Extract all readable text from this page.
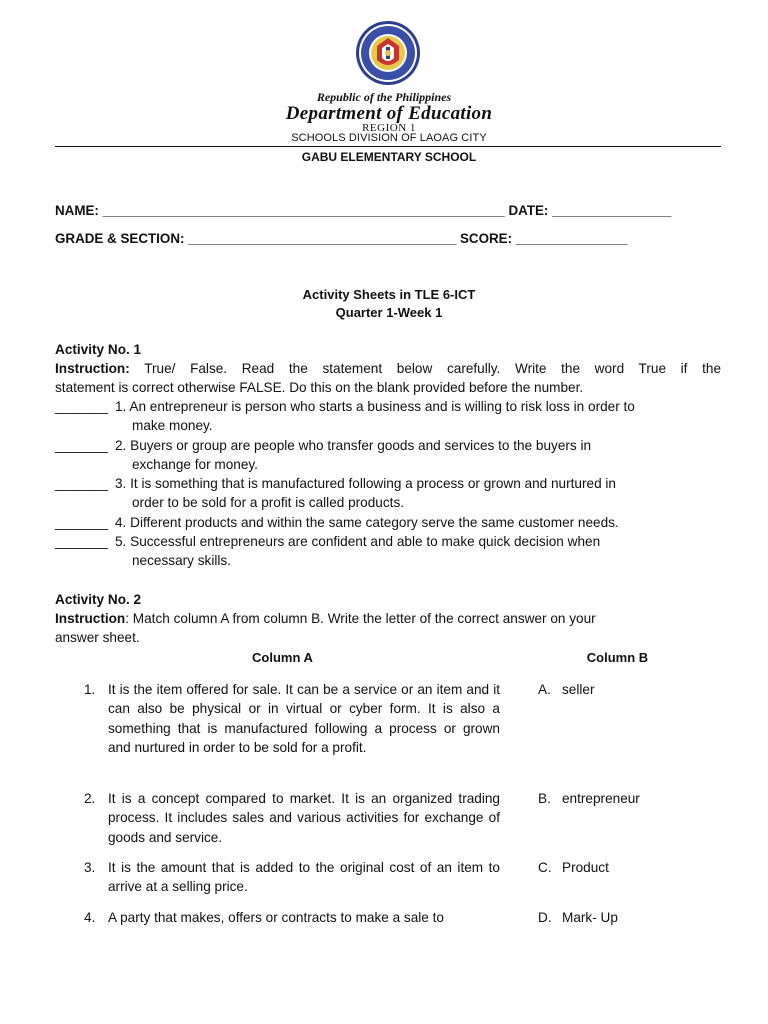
Republic of the Philippines
Department of Education
REGION 1
SCHOOLS DIVISION OF LAOAG CITY
GABU ELEMENTARY SCHOOL
NAME: ______________________________________________________ DATE: ________________
GRADE & SECTION: ____________________________________ SCORE: _______________
Activity Sheets in TLE 6-ICT
Quarter 1-Week 1
Activity No. 1
Instruction: True/ False. Read the statement below carefully. Write the word True if the
statement is correct otherwise FALSE. Do this on the blank provided before the number.
_______ 1. An entrepreneur is person who starts a business and is willing to risk loss in order to
make money.
_______ 2. Buyers or group are people who transfer goods and services to the buyers in
exchange for money.
_______ 3. It is something that is manufactured following a process or grown and nurtured in
order to be sold for a profit is called products.
_______ 4. Different products and within the same category serve the same customer needs.
_______ 5. Successful entrepreneurs are confident and able to make quick decision when
necessary skills.
Activity No. 2
Instruction: Match column A from column B. Write the letter of the correct answer on your
answer sheet.
Column A	Column B
1. It is the item offered for sale. It can be a service or an item and it can also be physical or in virtual or cyber form. It is also a something that is manufactured following a process or grown and nurtured in order to be sold for a profit.
2. It is a concept compared to market. It is an organized trading process. It includes sales and various activities for exchange of goods and service.
3. It is the amount that is added to the original cost of an item to arrive at a selling price.
4. A party that makes, offers or contracts to make a sale to
A. seller
B. entrepreneur
C. Product
D. Mark- Up
